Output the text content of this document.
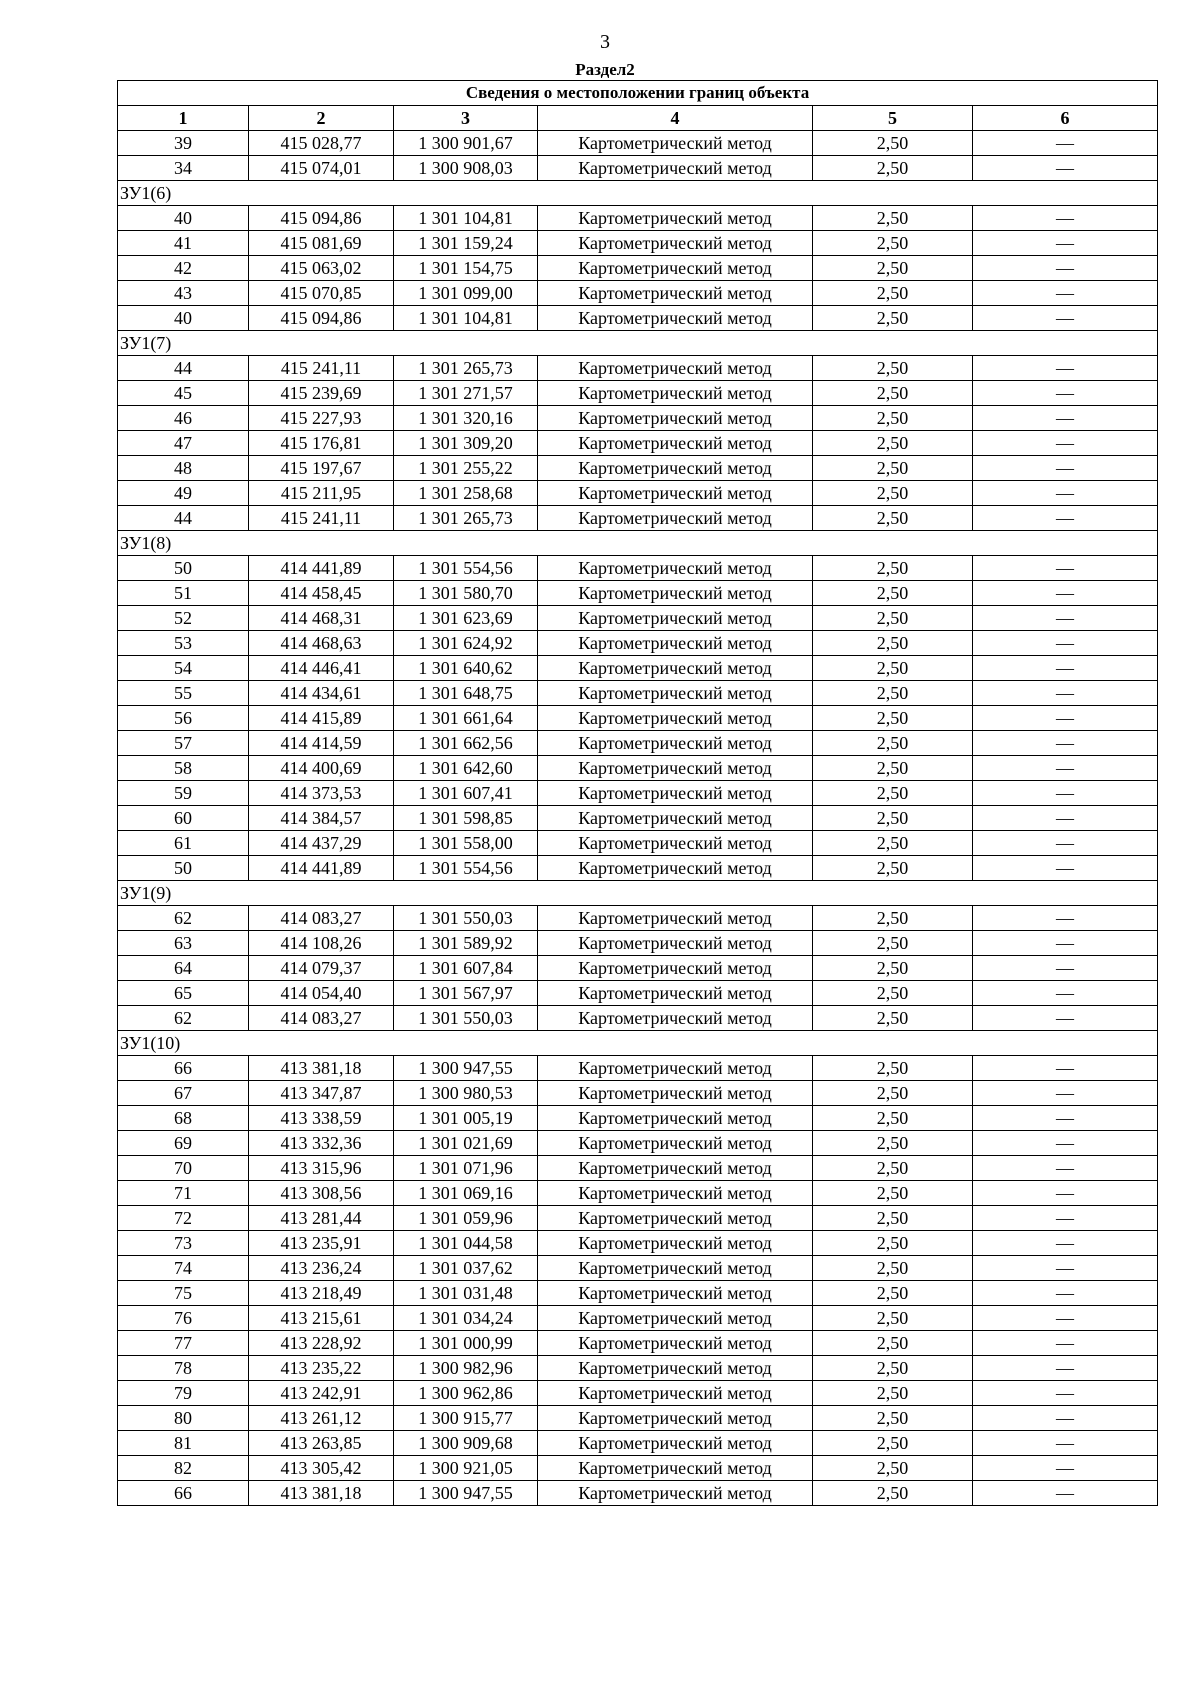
3
Раздел2
Сведения о местоположении границ объекта					
1	2	3	4	5	6
39	415 028,77	1 300 901,67	Картометрический метод	2,50	—
34	415 074,01	1 300 908,03	Картометрический метод	2,50	—
ЗУ1(6)					
40	415 094,86	1 301 104,81	Картометрический метод	2,50	—
41	415 081,69	1 301 159,24	Картометрический метод	2,50	—
42	415 063,02	1 301 154,75	Картометрический метод	2,50	—
43	415 070,85	1 301 099,00	Картометрический метод	2,50	—
40	415 094,86	1 301 104,81	Картометрический метод	2,50	—
ЗУ1(7)					
44	415 241,11	1 301 265,73	Картометрический метод	2,50	—
45	415 239,69	1 301 271,57	Картометрический метод	2,50	—
46	415 227,93	1 301 320,16	Картометрический метод	2,50	—
47	415 176,81	1 301 309,20	Картометрический метод	2,50	—
48	415 197,67	1 301 255,22	Картометрический метод	2,50	—
49	415 211,95	1 301 258,68	Картометрический метод	2,50	—
44	415 241,11	1 301 265,73	Картометрический метод	2,50	—
ЗУ1(8)					
50	414 441,89	1 301 554,56	Картометрический метод	2,50	—
51	414 458,45	1 301 580,70	Картометрический метод	2,50	—
52	414 468,31	1 301 623,69	Картометрический метод	2,50	—
53	414 468,63	1 301 624,92	Картометрический метод	2,50	—
54	414 446,41	1 301 640,62	Картометрический метод	2,50	—
55	414 434,61	1 301 648,75	Картометрический метод	2,50	—
56	414 415,89	1 301 661,64	Картометрический метод	2,50	—
57	414 414,59	1 301 662,56	Картометрический метод	2,50	—
58	414 400,69	1 301 642,60	Картометрический метод	2,50	—
59	414 373,53	1 301 607,41	Картометрический метод	2,50	—
60	414 384,57	1 301 598,85	Картометрический метод	2,50	—
61	414 437,29	1 301 558,00	Картометрический метод	2,50	—
50	414 441,89	1 301 554,56	Картометрический метод	2,50	—
ЗУ1(9)					
62	414 083,27	1 301 550,03	Картометрический метод	2,50	—
63	414 108,26	1 301 589,92	Картометрический метод	2,50	—
64	414 079,37	1 301 607,84	Картометрический метод	2,50	—
65	414 054,40	1 301 567,97	Картометрический метод	2,50	—
62	414 083,27	1 301 550,03	Картометрический метод	2,50	—
ЗУ1(10)					
66	413 381,18	1 300 947,55	Картометрический метод	2,50	—
67	413 347,87	1 300 980,53	Картометрический метод	2,50	—
68	413 338,59	1 301 005,19	Картометрический метод	2,50	—
69	413 332,36	1 301 021,69	Картометрический метод	2,50	—
70	413 315,96	1 301 071,96	Картометрический метод	2,50	—
71	413 308,56	1 301 069,16	Картометрический метод	2,50	—
72	413 281,44	1 301 059,96	Картометрический метод	2,50	—
73	413 235,91	1 301 044,58	Картометрический метод	2,50	—
74	413 236,24	1 301 037,62	Картометрический метод	2,50	—
75	413 218,49	1 301 031,48	Картометрический метод	2,50	—
76	413 215,61	1 301 034,24	Картометрический метод	2,50	—
77	413 228,92	1 301 000,99	Картометрический метод	2,50	—
78	413 235,22	1 300 982,96	Картометрический метод	2,50	—
79	413 242,91	1 300 962,86	Картометрический метод	2,50	—
80	413 261,12	1 300 915,77	Картометрический метод	2,50	—
81	413 263,85	1 300 909,68	Картометрический метод	2,50	—
82	413 305,42	1 300 921,05	Картометрический метод	2,50	—
66	413 381,18	1 300 947,55	Картометрический метод	2,50	—
